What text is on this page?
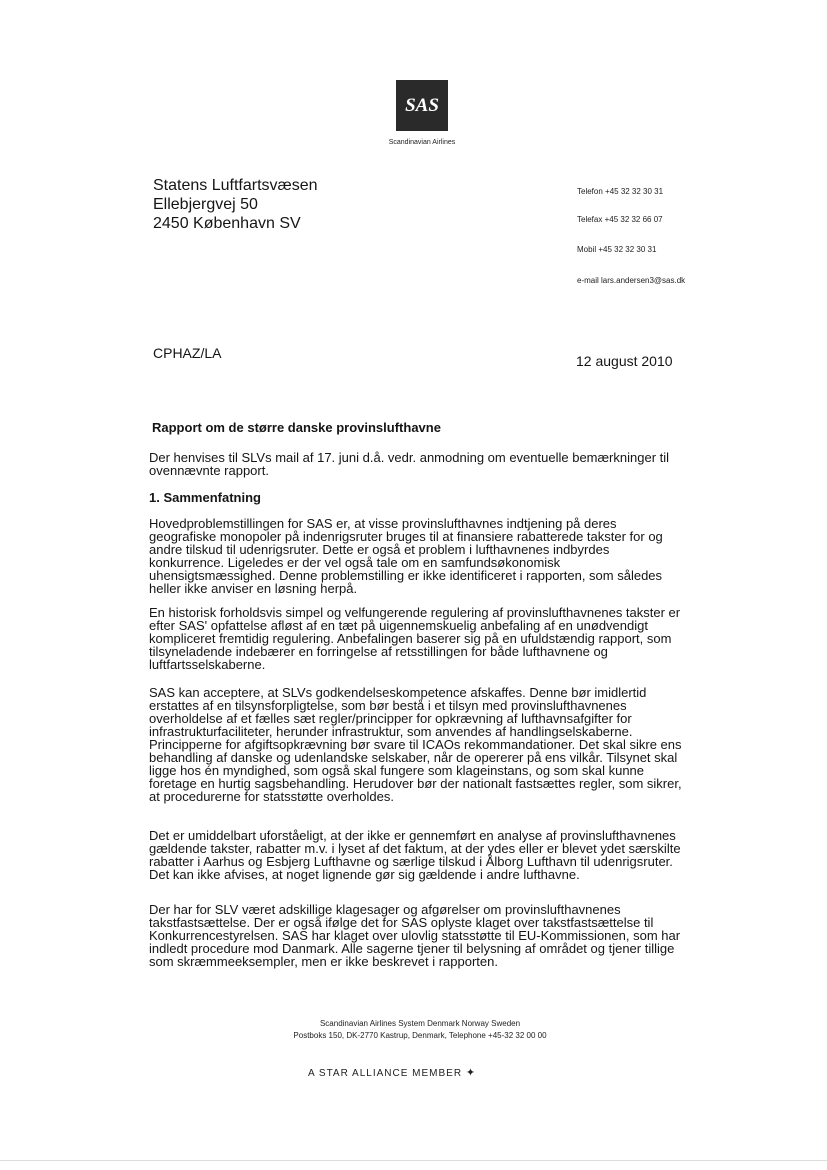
SAS
Scandinavian Airlines
Statens Luftfartsvæsen
Ellebjergvej 50
2450 København SV
Telefon +45 32 32 30 31
Telefax +45 32 32 66 07
Mobil +45 32 32 30 31
e-mail lars.andersen3@sas.dk
CPHAZ/LA	12 august 2010
Rapport om de større danske provinslufthavne
Der henvises til SLVs mail af 17. juni d.å. vedr. anmodning om eventuelle bemærkninger til ovennævnte rapport.
1. Sammenfatning
Hovedproblemstillingen for SAS er, at visse provinslufthavnes indtjening på deres geografiske monopoler på indenrigsruter bruges til at finansiere rabatterede takster for og andre tilskud til udenrigsruter. Dette er også et problem i lufthavnenes indbyrdes konkurrence. Ligeledes er der vel også tale om en samfundsøkonomisk uhensigtsmæssighed. Denne problemstilling er ikke identificeret i rapporten, som således heller ikke anviser en løsning herpå.
En historisk forholdsvis simpel og velfungerende regulering af provinslufthavnenes takster er efter SAS' opfattelse afløst af en tæt på uigennemskuelig anbefaling af en unødvendigt kompliceret fremtidig regulering. Anbefalingen baserer sig på en ufuldstændig rapport, som tilsyneladende indebærer en forringelse af retsstillingen for både lufthavnene og luftfartsselskaberne.
SAS kan acceptere, at SLVs godkendelseskompetence afskaffes. Denne bør imidlertid erstattes af en tilsynsforpligtelse, som bør bestå i et tilsyn med provinslufthavnenes overholdelse af et fælles sæt regler/principper for opkrævning af lufthavnsafgifter for infrastrukturfaciliteter, herunder infrastruktur, som anvendes af handlingselskaberne. Principperne for afgiftsopkrævning bør svare til ICAOs rekommandationer. Det skal sikre ens behandling af danske og udenlandske selskaber, når de opererer på ens vilkår. Tilsynet skal ligge hos én myndighed, som også skal fungere som klageinstans, og som skal kunne foretage en hurtig sagsbehandling. Herudover bør der nationalt fastsættes regler, som sikrer, at procedurerne for statsstøtte overholdes.
Det er umiddelbart uforståeligt, at der ikke er gennemført en analyse af provinslufthavnenes gældende takster, rabatter m.v. i lyset af det faktum, at der ydes eller er blevet ydet særskilte rabatter i Aarhus og Esbjerg Lufthavne og særlige tilskud i Ålborg Lufthavn til udenrigsruter. Det kan ikke afvises, at noget lignende gør sig gældende i andre lufthavne.
Der har for SLV været adskillige klagesager og afgørelser om provinslufthavnenes takstfastsættelse. Der er også ifølge det for SAS oplyste klaget over takstfastsættelse til Konkurrencestyrelsen. SAS har klaget over ulovlig statsstøtte til EU-Kommissionen, som har indledt procedure mod Danmark. Alle sagerne tjener til belysning af området og tjener tillige som skræmmeeksempler, men er ikke beskrevet i rapporten.
Scandinavian Airlines System Denmark Norway Sweden
Postboks 150, DK-2770 Kastrup, Denmark, Telephone +45-32 32 00 00
A STAR ALLIANCE MEMBER ✦
